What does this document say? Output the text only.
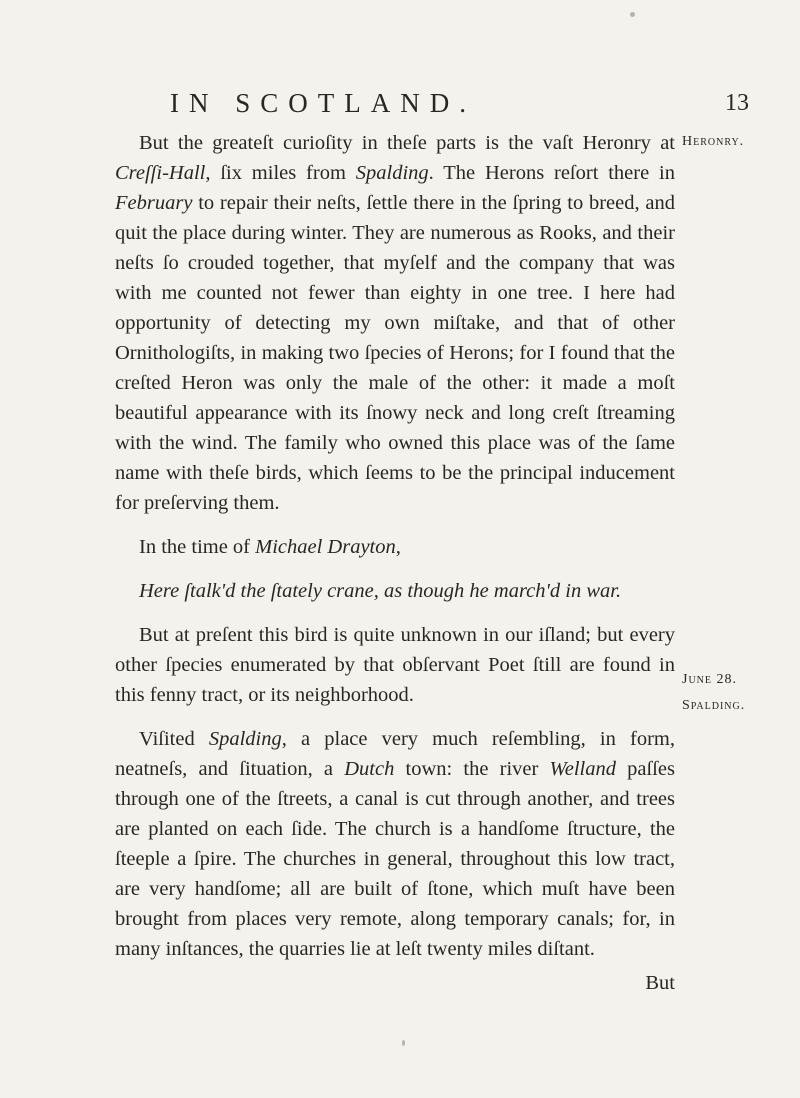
IN SCOTLAND.	13
Heronry.
June 28.
Spalding.

But the greateſt curioſity in theſe parts is the vaſt Heronry at Creſſi-Hall, ſix miles from Spalding. The Herons reſort there in February to repair their neſts, ſettle there in the ſpring to breed, and quit the place during winter. They are numerous as Rooks, and their neſts ſo crouded together, that myſelf and the company that was with me counted not fewer than eighty in one tree. I here had opportunity of detecting my own miſtake, and that of other Ornithologiſts, in making two ſpecies of Herons; for I found that the creſted Heron was only the male of the other: it made a moſt beautiful appearance with its ſnowy neck and long creſt ſtreaming with the wind. The family who owned this place was of the ſame name with theſe birds, which ſeems to be the principal inducement for preſerving them.

In the time of Michael Drayton,

Here ſtalk'd the ſtately crane, as though he march'd in war.

But at preſent this bird is quite unknown in our iſland; but every other ſpecies enumerated by that obſervant Poet ſtill are found in this fenny tract, or its neighborhood.

Viſited Spalding, a place very much reſembling, in form, neatneſs, and ſituation, a Dutch town: the river Welland paſſes through one of the ſtreets, a canal is cut through another, and trees are planted on each ſide. The church is a handſome ſtructure, the ſteeple a ſpire. The churches in general, throughout this low tract, are very handſome; all are built of ſtone, which muſt have been brought from places very remote, along temporary canals; for, in many inſtances, the quarries lie at leſt twenty miles diſtant.

But
